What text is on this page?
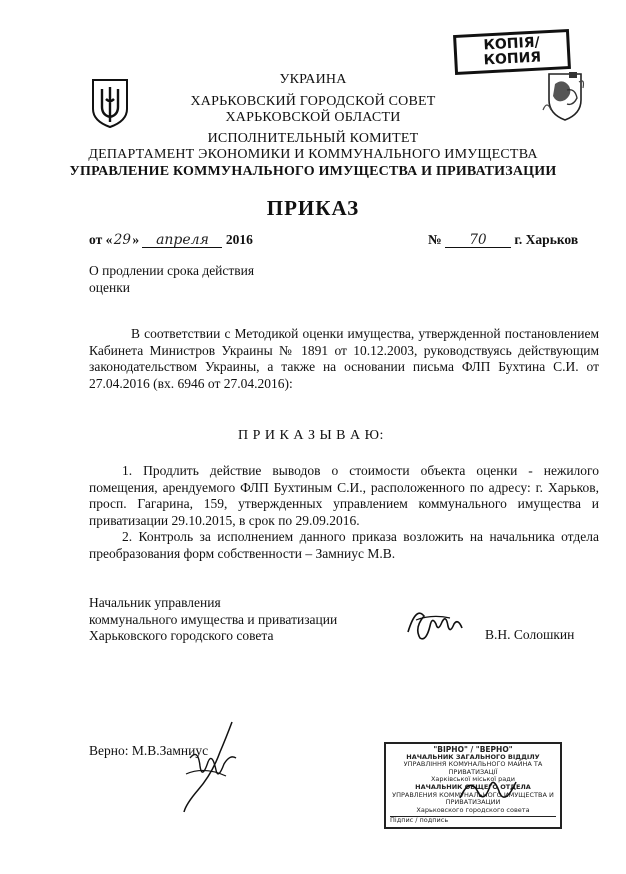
КОПІЯ/
КОПИЯ
УКРАИНА
ХАРЬКОВСКИЙ ГОРОДСКОЙ СОВЕТ
ХАРЬКОВСКОЙ ОБЛАСТИ
ИСПОЛНИТЕЛЬНЫЙ КОМИТЕТ
ДЕПАРТАМЕНТ ЭКОНОМИКИ И КОММУНАЛЬНОГО ИМУЩЕСТВА
УПРАВЛЕНИЕ КОММУНАЛЬНОГО ИМУЩЕСТВА И ПРИВАТИЗАЦИИ
ПРИКАЗ
от «29» апреля 2016	№ 70 г. Харьков
О продлении срока действия
оценки
В соответствии с Методикой оценки имущества, утвержденной постановлением Кабинета Министров Украины № 1891 от 10.12.2003, руководствуясь действующим законодательством Украины, а также на основании письма ФЛП Бухтина С.И. от 27.04.2016 (вх. 6946 от 27.04.2016):
П Р И К А З Ы В А Ю:
1. Продлить действие выводов о стоимости объекта оценки - нежилого помещения, арендуемого ФЛП Бухтиным С.И., расположенного по адресу: г. Харьков, просп. Гагарина, 159, утвержденных управлением коммунального имущества и приватизации 29.10.2015, в срок по 29.09.2016.
2. Контроль за исполнением данного приказа возложить на начальника отдела преобразования форм собственности – Замниус М.В.
Начальник управления
коммунального имущества и приватизации
Харьковского городского совета	В.Н. Солошкин
Верно: М.В.Замниус	"ВІРНО" / "ВЕРНО"
НАЧАЛЬНИК ЗАГАЛЬНОГО ВІДДІЛУ
УПРАВЛІННЯ КОМУНАЛЬНОГО МАЙНА ТА ПРИВАТИЗАЦІЇ
Харківської міської ради
НАЧАЛЬНИК ОБЩЕГО ОТДЕЛА
УПРАВЛЕНИЯ КОММУНАЛЬНОГО ИМУЩЕСТВА И ПРИВАТИЗАЦИИ
Харьковского городского совета
Підпис / подпись
